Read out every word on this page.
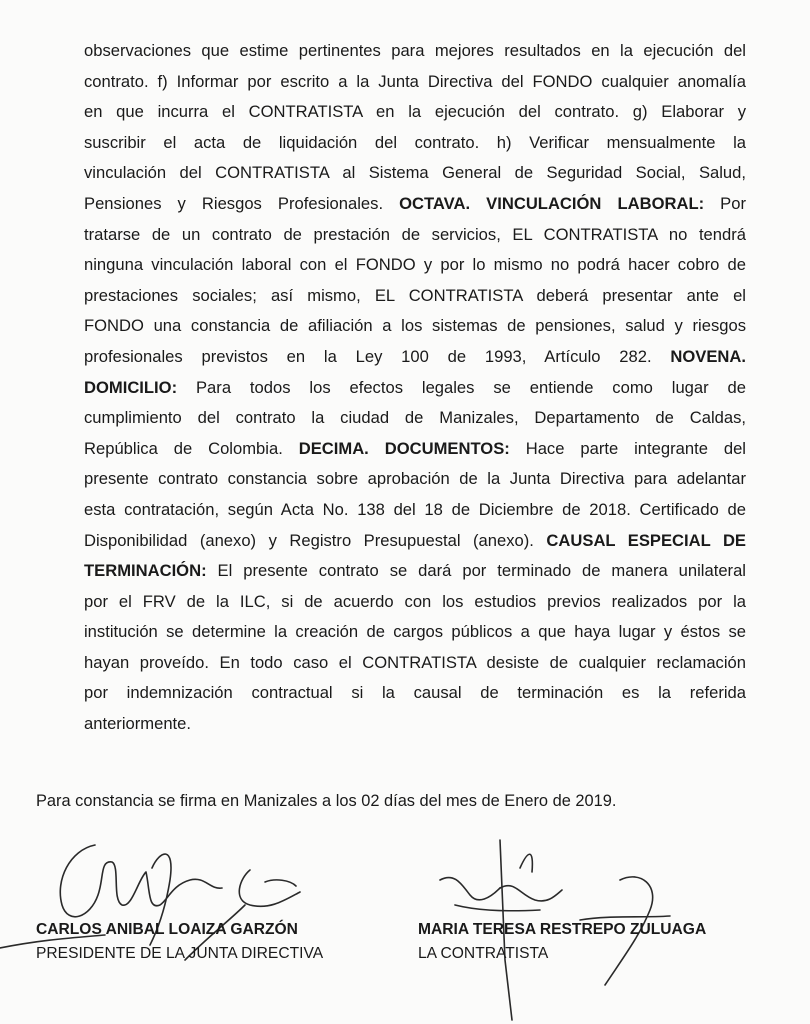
observaciones que estime pertinentes para mejores resultados en la ejecución del
contrato. f) Informar por escrito a la Junta Directiva del FONDO cualquier anomalía
en que incurra el CONTRATISTA en la ejecución del contrato. g) Elaborar y
suscribir el acta de liquidación del contrato. h) Verificar mensualmente la
vinculación del CONTRATISTA al Sistema General de Seguridad Social, Salud,
Pensiones y Riesgos Profesionales. OCTAVA. VINCULACIÓN LABORAL: Por
tratarse de un contrato de prestación de servicios, EL CONTRATISTA no tendrá
ninguna vinculación laboral con el FONDO y por lo mismo no podrá hacer cobro de
prestaciones sociales; así mismo, EL CONTRATISTA deberá presentar ante el
FONDO una constancia de afiliación a los sistemas de pensiones, salud y riesgos
profesionales previstos en la Ley 100 de 1993, Artículo 282. NOVENA.
DOMICILIO: Para todos los efectos legales se entiende como lugar de
cumplimiento del contrato la ciudad de Manizales, Departamento de Caldas,
República de Colombia. DECIMA. DOCUMENTOS: Hace parte integrante del
presente contrato constancia sobre aprobación de la Junta Directiva para adelantar
esta contratación, según Acta No. 138 del 18 de Diciembre de 2018. Certificado de
Disponibilidad (anexo) y Registro Presupuestal (anexo). CAUSAL ESPECIAL DE
TERMINACIÓN: El presente contrato se dará por terminado de manera unilateral
por el FRV de la ILC, si de acuerdo con los estudios previos realizados por la
institución se determine la creación de cargos públicos a que haya lugar y éstos se
hayan proveído. En todo caso el CONTRATISTA desiste de cualquier reclamación
por indemnización contractual si la causal de terminación es la referida
anteriormente.
Para constancia se firma en Manizales a los 02 días del mes de Enero de 2019.
CARLOS ANIBAL LOAIZA GARZÓN
PRESIDENTE DE LA JUNTA DIRECTIVA
MARIA TERESA RESTREPO ZULUAGA
LA CONTRATISTA
